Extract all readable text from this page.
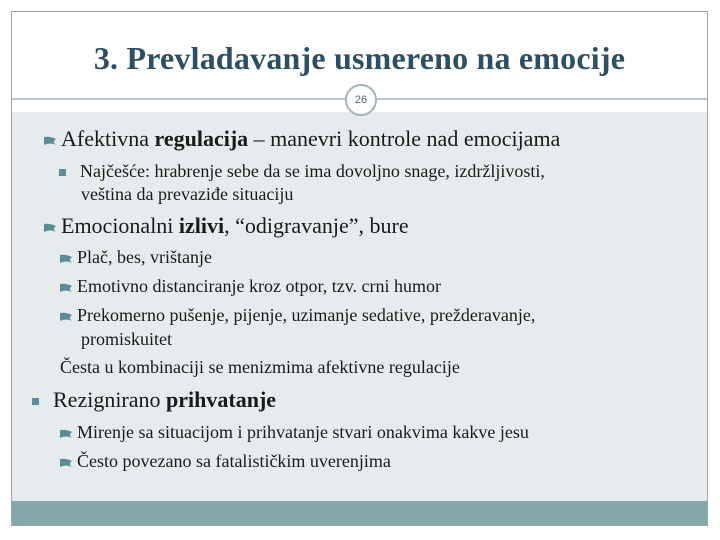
3. Prevladavanje usmereno na emocije
26
Afektivna regulacija – manevri kontrole nad emocijama
Najčešće: hrabrenje sebe da se ima dovoljno snage, izdržljivosti,
veština da prevaziđe situaciju
Emocionalni izlivi, “odigravanje”, bure
Plač, bes, vrištanje
Emotivno distanciranje kroz otpor, tzv. crni humor
Prekomerno pušenje, pijenje, uzimanje sedative, prežderavanje,
promiskuitet
Česta u kombinaciji se menizmima afektivne regulacije
Rezignirano prihvatanje
Mirenje sa situacijom i prihvatanje stvari onakvima kakve jesu
Često povezano sa fatalističkim uverenjima
